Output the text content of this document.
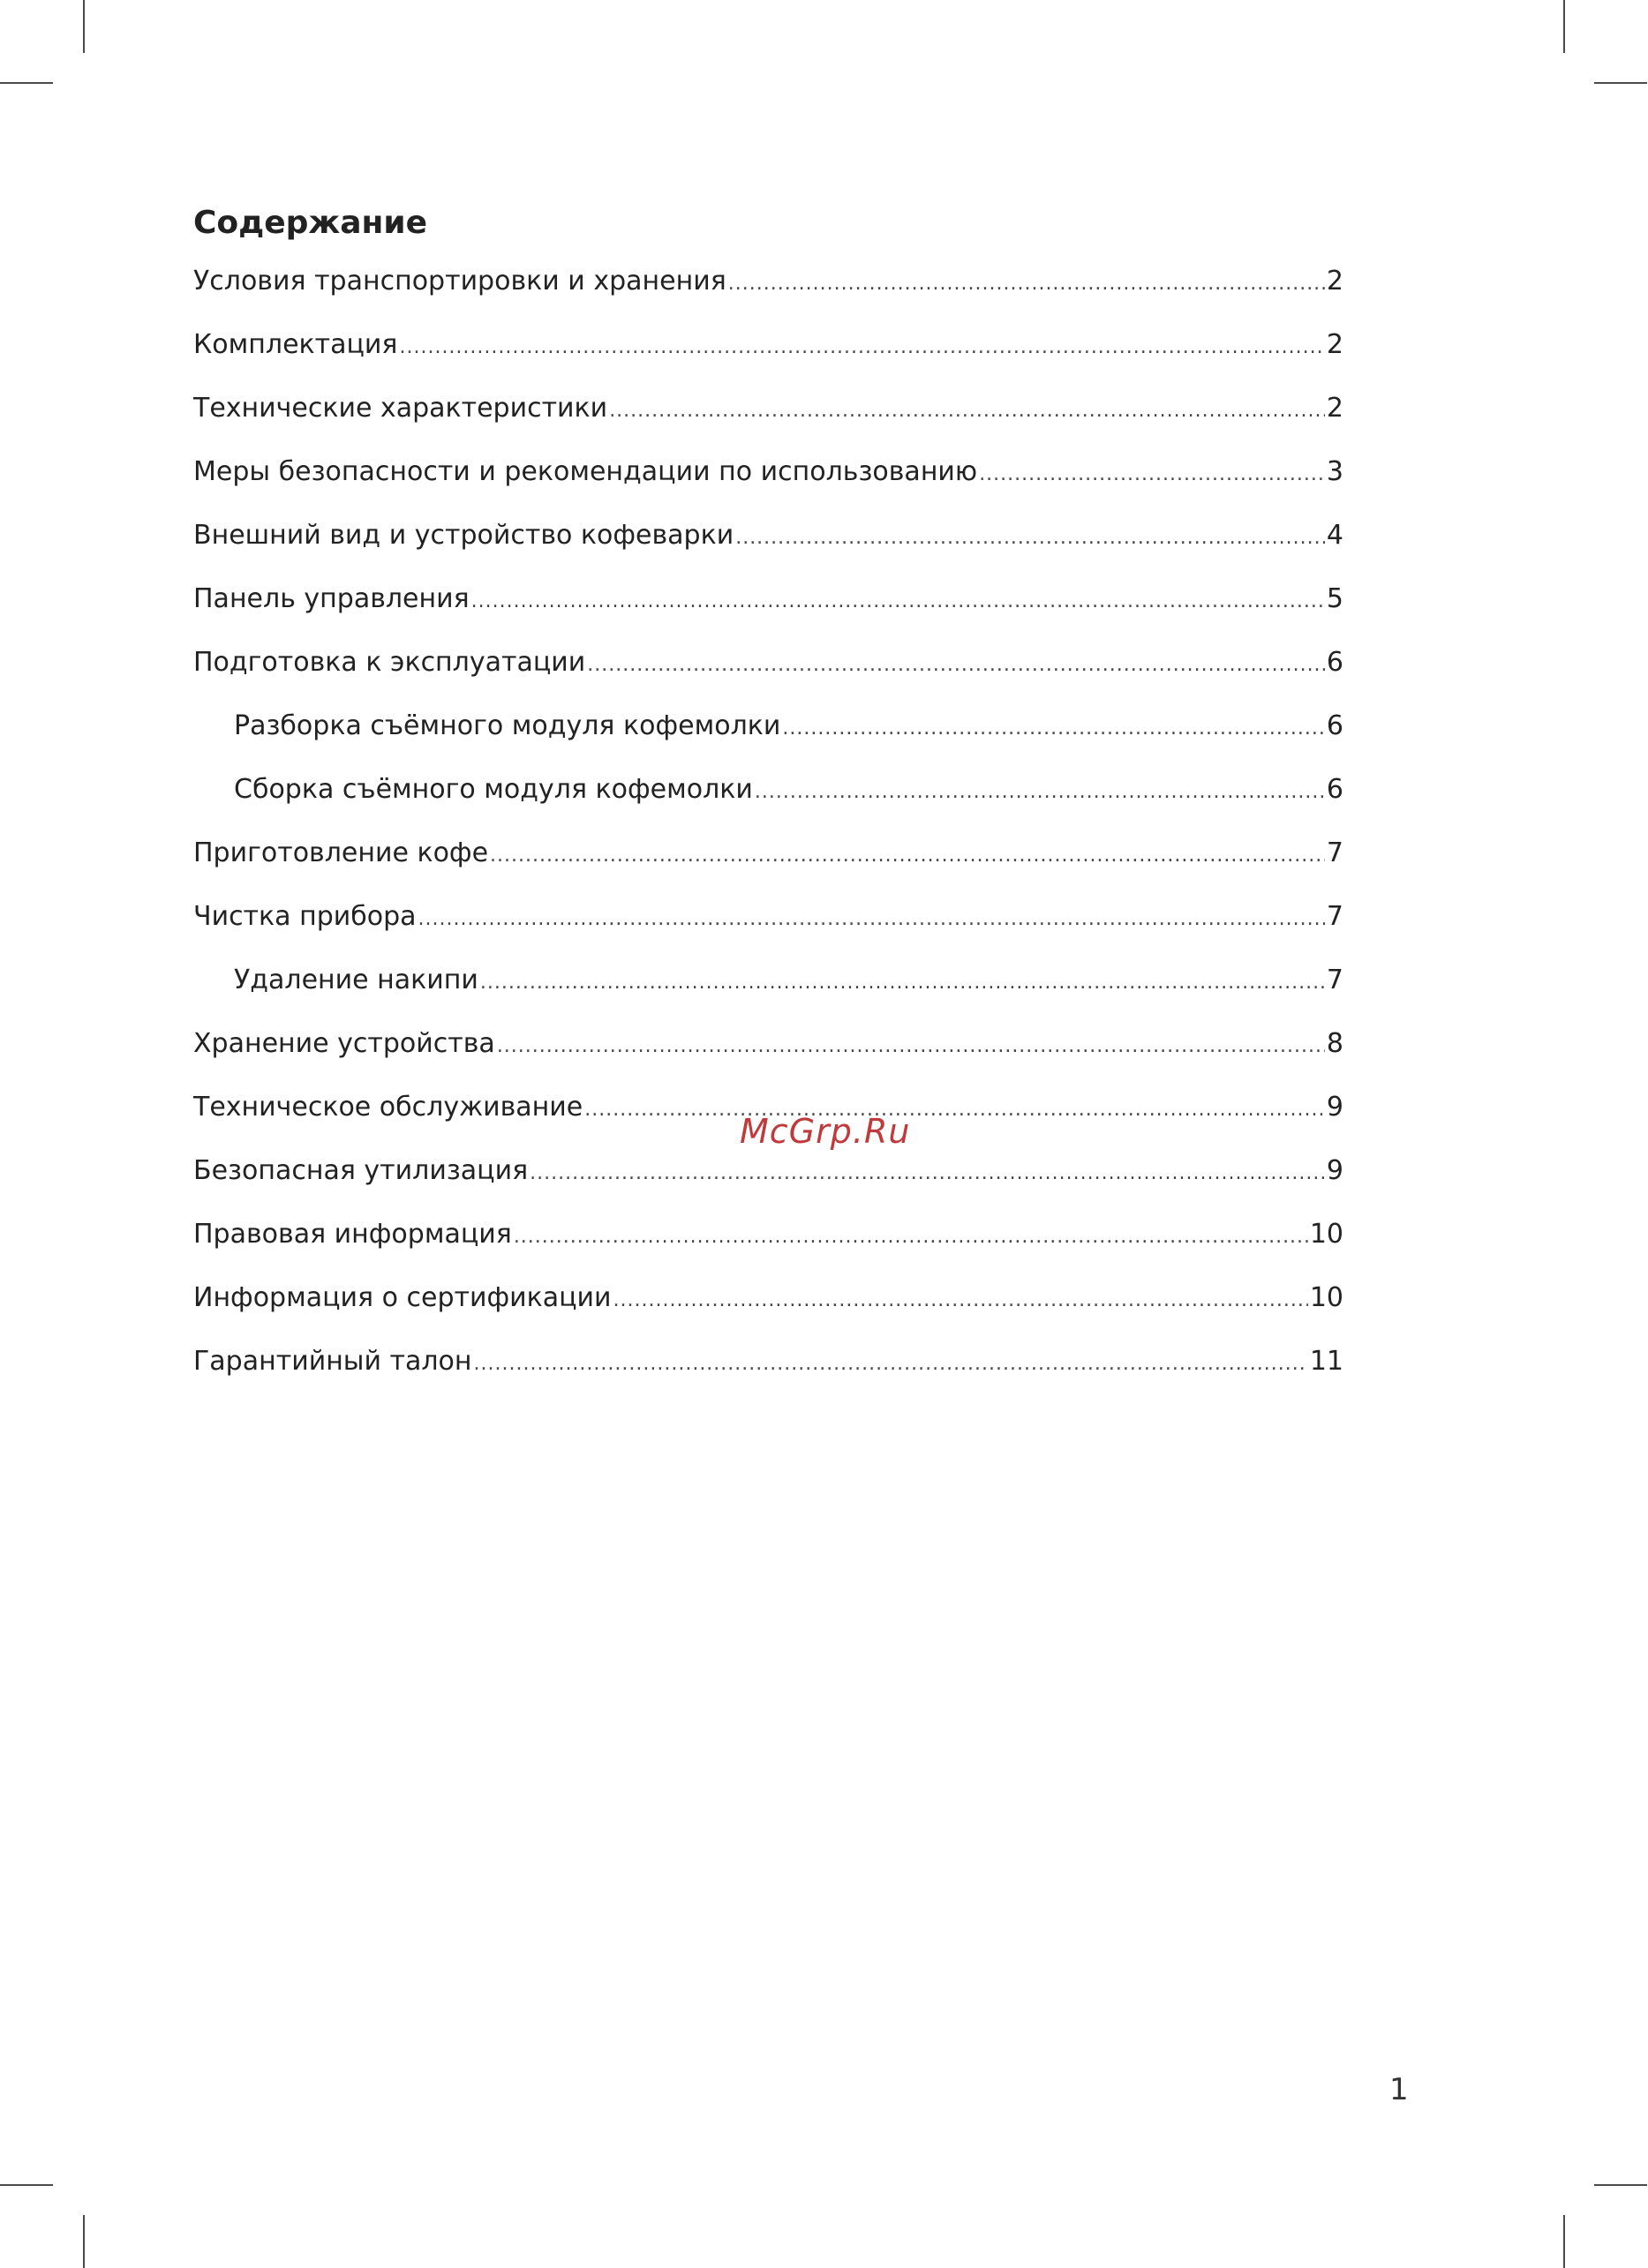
Содержание
Условия транспортировки и хранения .....	2
Комплектация .....	2
Технические характеристики .....	2
Меры безопасности и рекомендации по использованию .....	3
Внешний вид и устройство кофеварки .....	4
Панель управления .....	5
Подготовка к эксплуатации .....	6
Разборка съёмного модуля кофемолки .....	6
Сборка съёмного модуля кофемолки .....	6
Приготовление кофе .....	7
Чистка прибора .....	7
Удаление накипи .....	7
Хранение устройства .....	8
Техническое обслуживание .....	9
Безопасная утилизация .....	9
Правовая информация .....	10
Информация о сертификации .....	10
Гарантийный талон .....	11
McGrp.Ru
1
